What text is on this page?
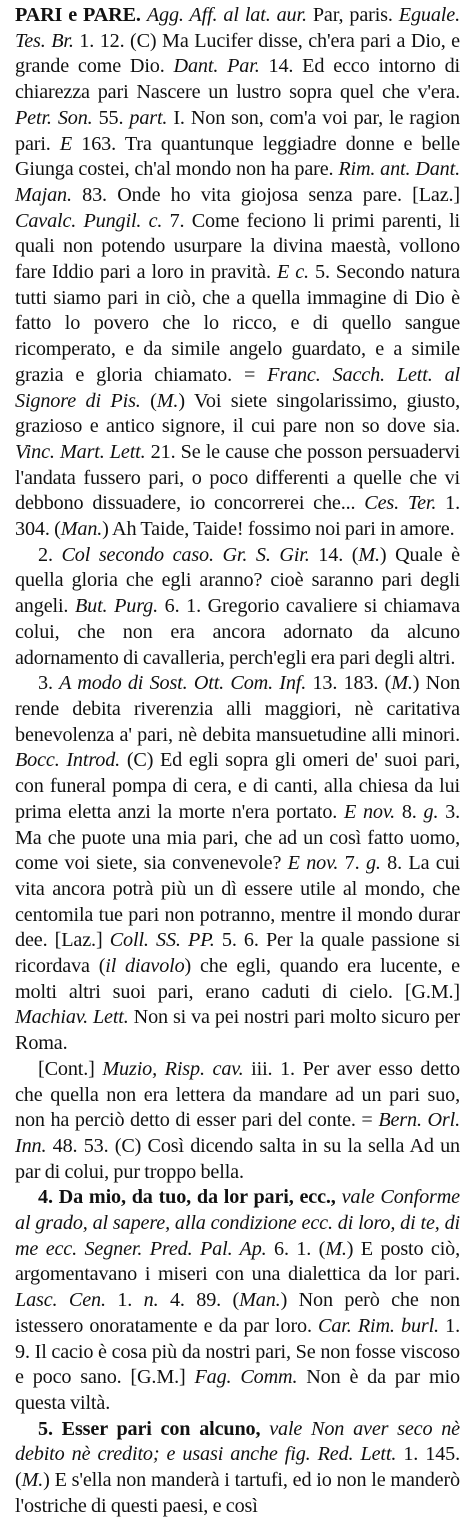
PARI e PARE. Agg. Aff. al lat. aur. Par, paris. Eguale. Tes. Br. 1. 12. (C) Ma Lucifer disse, ch'era pari a Dio, e grande come Dio. Dant. Par. 14. Ed ecco intorno di chiarezza pari Nascere un lustro sopra quel che v'era. Petr. Son. 55. part. I. Non son, com'a voi par, le ragion pari. E 163. Tra quantunque leggiadre donne e belle Giunga costei, ch'al mondo non ha pare. Rim. ant. Dant. Majan. 83. Onde ho vita giojosa senza pare. [Laz.] Cavalc. Pungil. c. 7. Come feciono li primi parenti, li quali non potendo usurpare la divina maestà, vollono fare Iddio pari a loro in pravità. E c. 5. Secondo natura tutti siamo pari in ciò, che a quella immagine di Dio è fatto lo povero che lo ricco, e di quello sangue ricomperato, e da simile angelo guardato, e a simile grazia e gloria chiamato. = Franc. Sacch. Lett. al Signore di Pis. (M.) Voi siete singolarissimo, giusto, grazioso e antico signore, il cui pare non so dove sia. Vinc. Mart. Lett. 21. Se le cause che posson persuadervi l'andata fussero pari, o poco differenti a quelle che vi debbono dissuadere, io concorrerei che... Ces. Ter. 1. 304. (Man.) Ah Taide, Taide! fossimo noi pari in amore.

2. Col secondo caso. Gr. S. Gir. 14. (M.) Quale è quella gloria che egli aranno? cioè saranno pari degli angeli. But. Purg. 6. 1. Gregorio cavaliere si chiamava colui, che non era ancora adornato da alcuno adornamento di cavalleria, perch'egli era pari degli altri.

3. A modo di Sost. Ott. Com. Inf. 13. 183. (M.) Non rende debita riverenzia alli maggiori, nè caritativa benevolenza a' pari, nè debita mansuetudine alli minori. Bocc. Introd. (C) Ed egli sopra gli omeri de' suoi pari, con funeral pompa di cera, e di canti, alla chiesa da lui prima eletta anzi la morte n'era portato. E nov. 8. g. 3. Ma che puote una mia pari, che ad un così fatto uomo, come voi siete, sia convenevole? E nov. 7. g. 8. La cui vita ancora potrà più un dì essere utile al mondo, che centomila tue pari non potranno, mentre il mondo durar dee. [Laz.] Coll. SS. PP. 5. 6. Per la quale passione si ricordava (il diavolo) che egli, quando era lucente, e molti altri suoi pari, erano caduti di cielo. [G.M.] Machiav. Lett. Non si va pei nostri pari molto sicuro per Roma.

[Cont.] Muzio, Risp. cav. iii. 1. Per aver esso detto che quella non era lettera da mandare ad un pari suo, non ha perciò detto di esser pari del conte. = Bern. Orl. Inn. 48. 53. (C) Così dicendo salta in su la sella Ad un par di colui, pur troppo bella.

4. Da mio, da tuo, da lor pari, ecc., vale Conforme al grado, al sapere, alla condizione ecc. di loro, di te, di me ecc. Segner. Pred. Pal. Ap. 6. 1. (M.) E posto ciò, argomentavano i miseri con una dialettica da lor pari. Lasc. Cen. 1. n. 4. 89. (Man.) Non però che non istessero onoratamente e da par loro. Car. Rim. burl. 1. 9. Il cacio è cosa più da nostri pari, Se non fosse viscoso e poco sano. [G.M.] Fag. Comm. Non è da par mio questa viltà.

5. Esser pari con alcuno, vale Non aver seco nè debito nè credito; e usasi anche fig. Red. Lett. 1. 145. (M.) E s'ella non manderà i tartufi, ed io non le manderò l'ostriche di questi paesi, e così
